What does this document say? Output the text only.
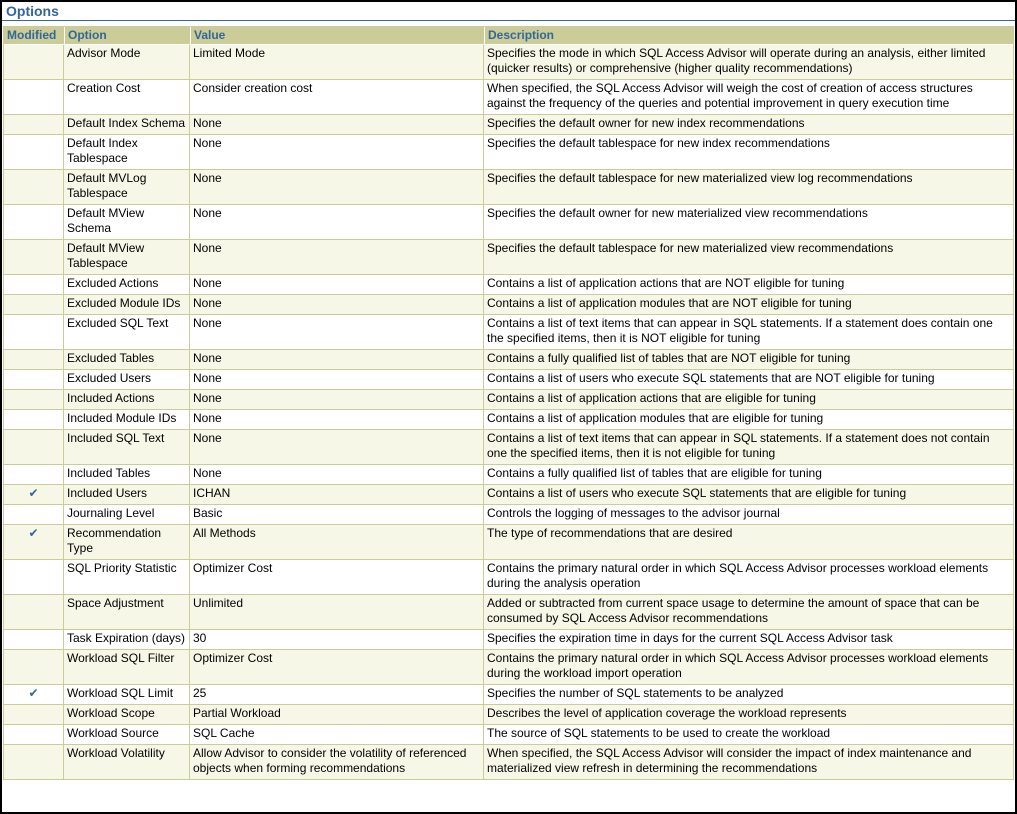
Options
Modified	Option	Value	Description
	Advisor Mode	Limited Mode	Specifies the mode in which SQL Access Advisor will operate during an analysis, either limited (quicker results) or comprehensive (higher quality recommendations)
	Creation Cost	Consider creation cost	When specified, the SQL Access Advisor will weigh the cost of creation of access structures against the frequency of the queries and potential improvement in query execution time
	Default Index Schema	None	Specifies the default owner for new index recommendations
	Default Index Tablespace	None	Specifies the default tablespace for new index recommendations
	Default MVLog Tablespace	None	Specifies the default tablespace for new materialized view log recommendations
	Default MView Schema	None	Specifies the default owner for new materialized view recommendations
	Default MView Tablespace	None	Specifies the default tablespace for new materialized view recommendations
	Excluded Actions	None	Contains a list of application actions that are NOT eligible for tuning
	Excluded Module IDs	None	Contains a list of application modules that are NOT eligible for tuning
	Excluded SQL Text	None	Contains a list of text items that can appear in SQL statements. If a statement does contain one the specified items, then it is NOT eligible for tuning
	Excluded Tables	None	Contains a fully qualified list of tables that are NOT eligible for tuning
	Excluded Users	None	Contains a list of users who execute SQL statements that are NOT eligible for tuning
	Included Actions	None	Contains a list of application actions that are eligible for tuning
	Included Module IDs	None	Contains a list of application modules that are eligible for tuning
	Included SQL Text	None	Contains a list of text items that can appear in SQL statements. If a statement does not contain one the specified items, then it is not eligible for tuning
	Included Tables	None	Contains a fully qualified list of tables that are eligible for tuning
✔	Included Users	ICHAN	Contains a list of users who execute SQL statements that are eligible for tuning
	Journaling Level	Basic	Controls the logging of messages to the advisor journal
✔	Recommendation Type	All Methods	The type of recommendations that are desired
	SQL Priority Statistic	Optimizer Cost	Contains the primary natural order in which SQL Access Advisor processes workload elements during the analysis operation
	Space Adjustment	Unlimited	Added or subtracted from current space usage to determine the amount of space that can be consumed by SQL Access Advisor recommendations
	Task Expiration (days)	30	Specifies the expiration time in days for the current SQL Access Advisor task
	Workload SQL Filter	Optimizer Cost	Contains the primary natural order in which SQL Access Advisor processes workload elements during the workload import operation
✔	Workload SQL Limit	25	Specifies the number of SQL statements to be analyzed
	Workload Scope	Partial Workload	Describes the level of application coverage the workload represents
	Workload Source	SQL Cache	The source of SQL statements to be used to create the workload
	Workload Volatility	Allow Advisor to consider the volatility of referenced objects when forming recommendations	When specified, the SQL Access Advisor will consider the impact of index maintenance and materialized view refresh in determining the recommendations
